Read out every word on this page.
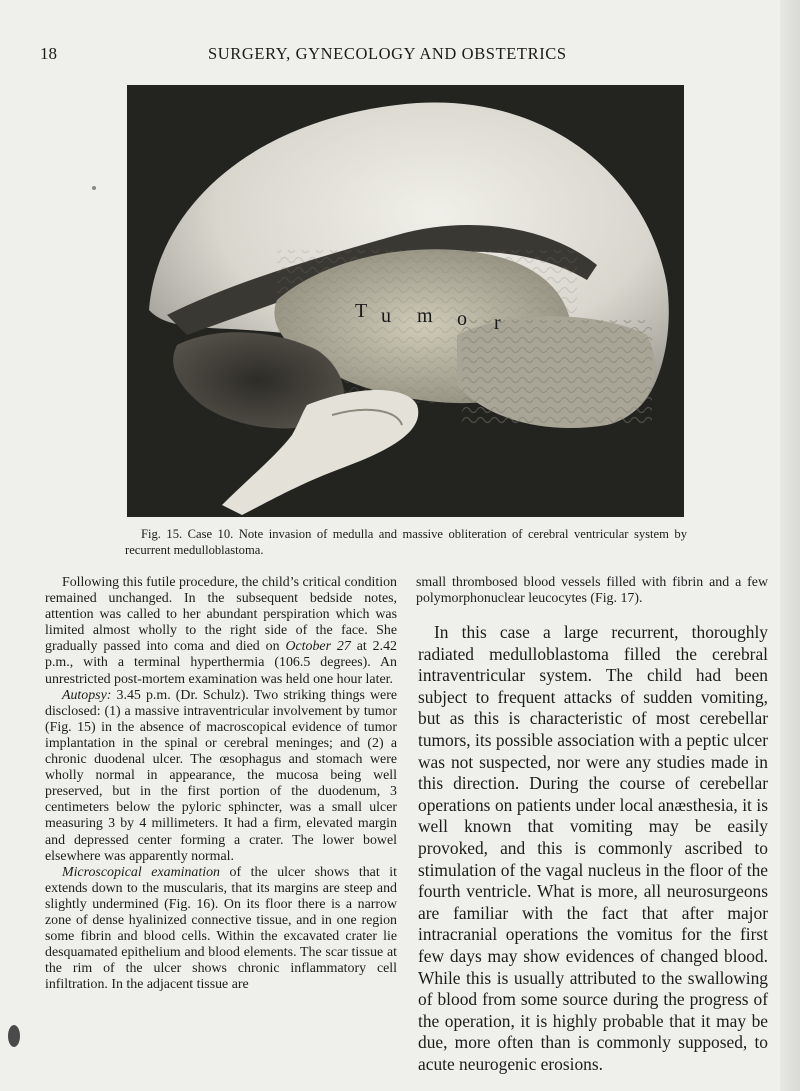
18	SURGERY, GYNECOLOGY AND OBSTETRICS
T u m o r

Fig. 15. Case 10. Note invasion of medulla and massive obliteration of cerebral ventricular system by recurrent medulloblastoma.

Following this futile procedure, the child’s critical condition remained unchanged. In the subsequent bedside notes, attention was called to her abundant perspiration which was limited almost wholly to the right side of the face. She gradually passed into coma and died on October 27 at 2.42 p.m., with a terminal hyperthermia (106.5 degrees). An unrestricted post-mortem examination was held one hour later.

Autopsy: 3.45 p.m. (Dr. Schulz). Two striking things were disclosed: (1) a massive intraventricular involvement by tumor (Fig. 15) in the absence of macroscopical evidence of tumor implantation in the spinal or cerebral meninges; and (2) a chronic duodenal ulcer. The œsophagus and stomach were wholly normal in appearance, the mucosa being well preserved, but in the first portion of the duodenum, 3 centimeters below the pyloric sphincter, was a small ulcer measuring 3 by 4 millimeters. It had a firm, elevated margin and depressed center forming a crater. The lower bowel elsewhere was apparently normal.

Microscopical examination of the ulcer shows that it extends down to the muscularis, that its margins are steep and slightly undermined (Fig. 16). On its floor there is a narrow zone of dense hyalinized connective tissue, and in one region some fibrin and blood cells. Within the excavated crater lie desquamated epithelium and blood elements. The scar tissue at the rim of the ulcer shows chronic inflammatory cell infiltration. In the adjacent tissue are

small thrombosed blood vessels filled with fibrin and a few polymorphonuclear leucocytes (Fig. 17).

In this case a large recurrent, thoroughly radiated medulloblastoma filled the cerebral intraventricular system. The child had been subject to frequent attacks of sudden vomiting, but as this is characteristic of most cerebellar tumors, its possible association with a peptic ulcer was not suspected, nor were any studies made in this direction. During the course of cerebellar operations on patients under local anæsthesia, it is well known that vomiting may be easily provoked, and this is commonly ascribed to stimulation of the vagal nucleus in the floor of the fourth ventricle. What is more, all neurosurgeons are familiar with the fact that after major intracranial operations the vomitus for the first few days may show evidences of changed blood. While this is usually attributed to the swallowing of blood from some source during the progress of the operation, it is highly probable that it may be due, more often than is commonly supposed, to acute neurogenic erosions.
